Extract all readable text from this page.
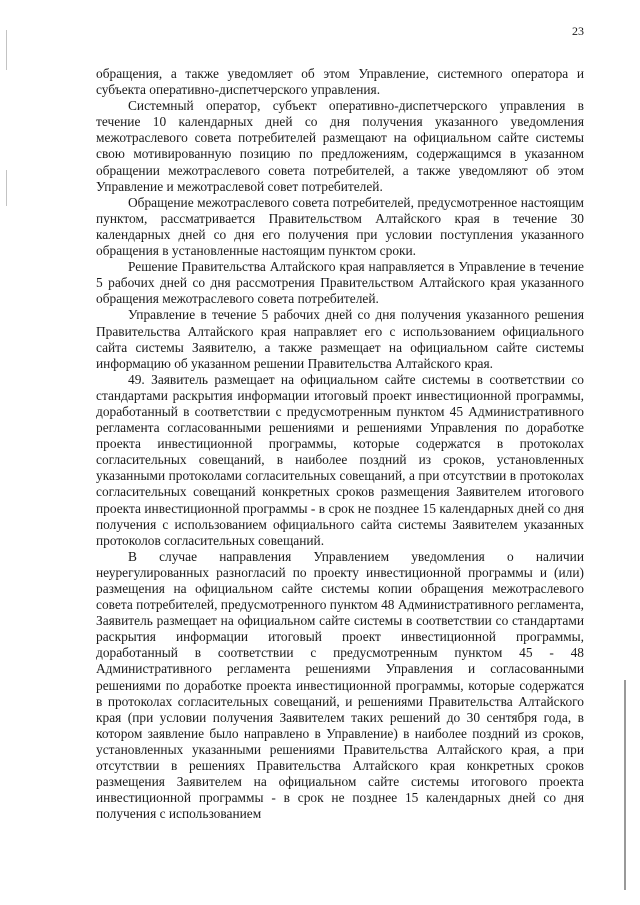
23

обращения, а также уведомляет об этом Управление, системного оператора и субъекта оперативно-диспетчерского управления.

Системный оператор, субъект оперативно-диспетчерского управления в течение 10 календарных дней со дня получения указанного уведомления межотраслевого совета потребителей размещают на официальном сайте системы свою мотивированную позицию по предложениям, содержащимся в указанном обращении межотраслевого совета потребителей, а также уведомляют об этом Управление и межотраслевой совет потребителей.

Обращение межотраслевого совета потребителей, предусмотренное настоящим пунктом, рассматривается Правительством Алтайского края в течение 30 календарных дней со дня его получения при условии поступления указанного обращения в установленные настоящим пунктом сроки.

Решение Правительства Алтайского края направляется в Управление в течение 5 рабочих дней со дня рассмотрения Правительством Алтайского края указанного обращения межотраслевого совета потребителей.

Управление в течение 5 рабочих дней со дня получения указанного решения Правительства Алтайского края направляет его с использованием официального сайта системы Заявителю, а также размещает на официальном сайте системы информацию об указанном решении Правительства Алтайского края.

49. Заявитель размещает на официальном сайте системы в соответствии со стандартами раскрытия информации итоговый проект инвестиционной программы, доработанный в соответствии с предусмотренным пунктом 45 Административного регламента согласованными решениями и решениями Управления по доработке проекта инвестиционной программы, которые содержатся в протоколах согласительных совещаний, в наиболее поздний из сроков, установленных указанными протоколами согласительных совещаний, а при отсутствии в протоколах согласительных совещаний конкретных сроков размещения Заявителем итогового проекта инвестиционной программы - в срок не позднее 15 календарных дней со дня получения с использованием официального сайта системы Заявителем указанных протоколов согласительных совещаний.

В случае направления Управлением уведомления о наличии неурегулированных разногласий по проекту инвестиционной программы и (или) размещения на официальном сайте системы копии обращения межотраслевого совета потребителей, предусмотренного пунктом 48 Административного регламента, Заявитель размещает на официальном сайте системы в соответствии со стандартами раскрытия информации итоговый проект инвестиционной программы, доработанный в соответствии с предусмотренным пунктом 45 - 48 Административного регламента решениями Управления и согласованными решениями по доработке проекта инвестиционной программы, которые содержатся в протоколах согласительных совещаний, и решениями Правительства Алтайского края (при условии получения Заявителем таких решений до 30 сентября года, в котором заявление было направлено в Управление) в наиболее поздний из сроков, установленных указанными решениями Правительства Алтайского края, а при отсутствии в решениях Правительства Алтайского края конкретных сроков размещения Заявителем на официальном сайте системы итогового проекта инвестиционной программы - в срок не позднее 15 календарных дней со дня получения с использованием
